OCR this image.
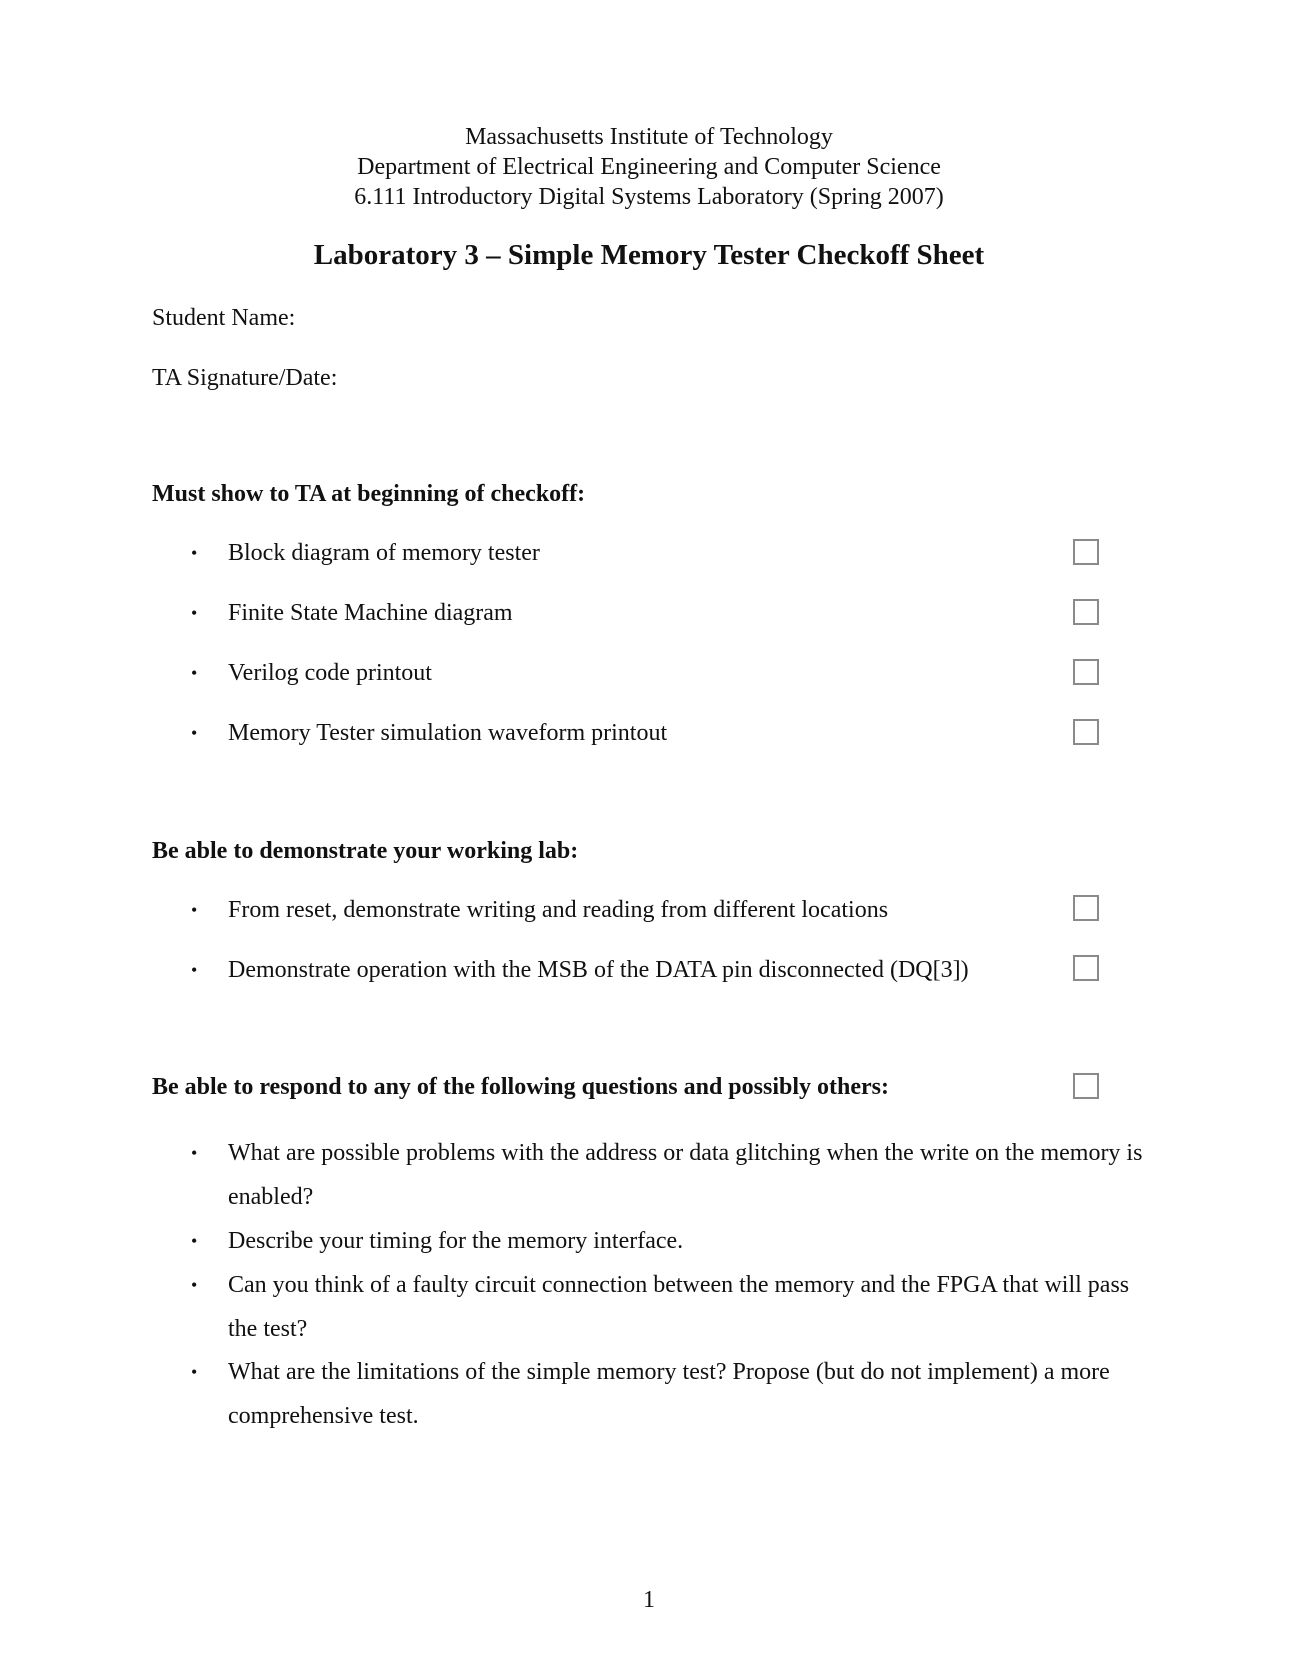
Massachusetts Institute of Technology
Department of Electrical Engineering and Computer Science
6.111 Introductory Digital Systems Laboratory (Spring 2007)
Laboratory 3 – Simple Memory Tester Checkoff Sheet
Student Name:
TA Signature/Date:
Must show to TA at beginning of checkoff:
• Block diagram of memory tester
• Finite State Machine diagram
• Verilog code printout
• Memory Tester simulation waveform printout
Be able to demonstrate your working lab:
• From reset, demonstrate writing and reading from different locations
• Demonstrate operation with the MSB of the DATA pin disconnected (DQ[3])
Be able to respond to any of the following questions and possibly others:
• What are possible problems with the address or data glitching when the write on the memory is enabled?
• Describe your timing for the memory interface.
• Can you think of a faulty circuit connection between the memory and the FPGA that will pass the test?
• What are the limitations of the simple memory test? Propose (but do not implement) a more comprehensive test.
1
